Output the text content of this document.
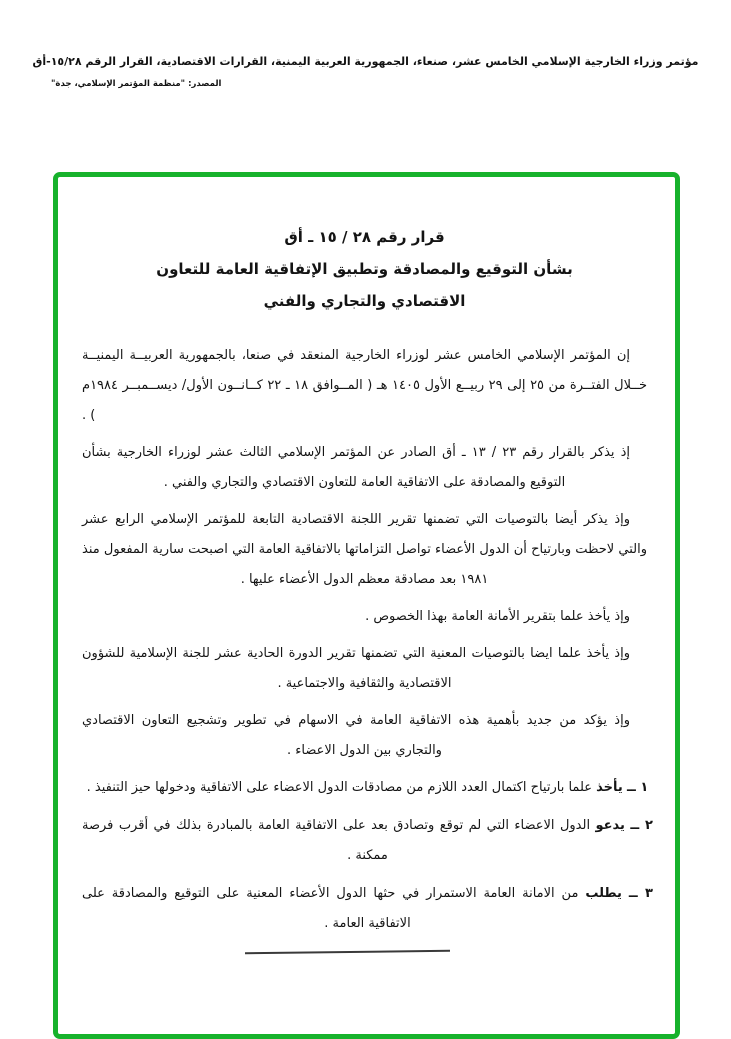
مؤتمر وزراء الخارجية الإسلامي الخامس عشر، صنعاء، الجمهورية العربية اليمنية، القرارات الاقتصادية، القرار الرقم ٢٨‏/١٥-أق
المصدر: "منظمة المؤتمر الإسلامي، جدة"
قرار رقم ٢٨ / ١٥ ـ أق
بشأن التوقيع والمصادقة وتطبيق الإتفاقية العامة للتعاون
الاقتصادي والتجاري والفني

إن المؤتمر الإسلامي الخامس عشر لوزراء الخارجية المنعقد في صنعا، بالجمهورية العربيــة اليمنيــة خــلال الفتــرة من ٢٥ إلى ٢٩ ربيــع الأول ١٤٠٥ هـ ( المــوافق ١٨ ـ ٢٢ كــانــون الأول/ ديســمبــر ١٩٨٤م ) .

إذ يذكر بالقرار رقم ٢٣ / ١٣ ـ أق الصادر عن المؤتمر الإسلامي الثالث عشر لوزراء الخارجية بشأن التوقيع والمصادقة على الاتفاقية العامة للتعاون الاقتصادي والتجاري والفني .

وإذ يذكر أيضا بالتوصيات التي تضمنها تقرير اللجنة الاقتصادية التابعة للمؤتمر الإسلامي الرابع عشر والتي لاحظت وبارتياح أن الدول الأعضاء تواصل التزاماتها بالاتفاقية العامة التي اصبحت سارية المفعول منذ ١٩٨١ بعد مصادقة معظم الدول الأعضاء عليها .

وإذ يأخذ علما بتقرير الأمانة العامة بهذا الخصوص .

وإذ يأخذ علما ايضا بالتوصيات المعنية التي تضمنها تقرير الدورة الحادية عشر للجنة الإسلامية للشؤون الاقتصادية والثقافية والاجتماعية .

وإذ يؤكد من جديد بأهمية هذه الاتفاقية العامة في الاسهام في تطوير وتشجيع التعاون الاقتصادي والتجاري بين الدول الاعضاء .

١ ــ يأخذ علما بارتياح اكتمال العدد اللازم من مصادقات الدول الاعضاء على الاتفاقية ودخولها حيز التنفيذ .

٢ ــ يدعو الدول الاعضاء التي لم توقع وتصادق بعد على الاتفاقية العامة بالمبادرة بذلك في أقرب فرصة ممكنة .

٣ ــ يطلب من الامانة العامة الاستمرار في حثها الدول الأعضاء المعنية على التوقيع والمصادقة على الاتفاقية العامة .
